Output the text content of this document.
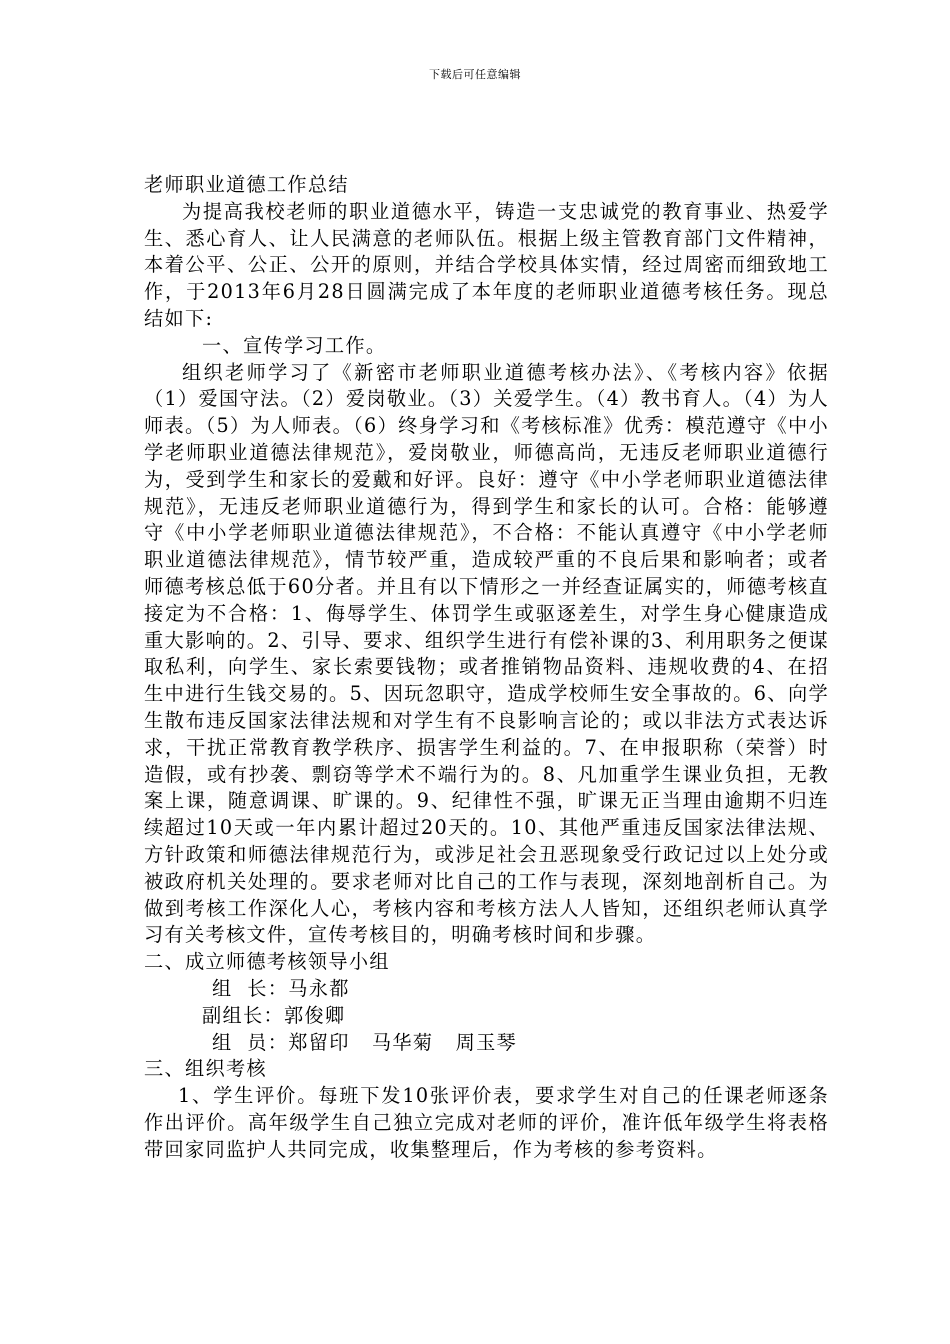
下载后可任意编辑

老师职业道德工作总结

为提高我校老师的职业道德水平，铸造一支忠诚党的教育事业、热爱学生、悉心育人、让人民满意的老师队伍。根据上级主管教育部门文件精神，本着公平、公正、公开的原则，并结合学校具体实情，经过周密而细致地工作，于2013年6月28日圆满完成了本年度的老师职业道德考核任务。现总结如下:

一、宣传学习工作。

组织老师学习了《新密市老师职业道德考核办法》、《考核内容》依据（1）爱国守法。（2）爱岗敬业。（3）关爱学生。（4）教书育人。（4）为人师表。（5）为人师表。（6）终身学习和《考核标准》优秀：模范遵守《中小学老师职业道德法律规范》，爱岗敬业，师德高尚，无违反老师职业道德行为，受到学生和家长的爱戴和好评。良好：遵守《中小学老师职业道德法律规范》，无违反老师职业道德行为，得到学生和家长的认可。合格：能够遵守《中小学老师职业道德法律规范》，不合格：不能认真遵守《中小学老师职业道德法律规范》，情节较严重，造成较严重的不良后果和影响者；或者师德考核总低于60分者。并且有以下情形之一并经查证属实的，师德考核直接定为不合格：1、侮辱学生、体罚学生或驱逐差生，对学生身心健康造成重大影响的。2、引导、要求、组织学生进行有偿补课的3、利用职务之便谋取私利，向学生、家长索要钱物；或者推销物品资料、违规收费的4、在招生中进行生钱交易的。5、因玩忽职守，造成学校师生安全事故的。6、向学生散布违反国家法律法规和对学生有不良影响言论的；或以非法方式表达诉求，干扰正常教育教学秩序、损害学生利益的。7、在申报职称（荣誉）时造假，或有抄袭、剽窃等学术不端行为的。8、凡加重学生课业负担，无教案上课，随意调课、旷课的。9、纪律性不强，旷课无正当理由逾期不归连续超过10天或一年内累计超过20天的。10、其他严重违反国家法律法规、方针政策和师德法律规范行为，或涉足社会丑恶现象受行政记过以上处分或被政府机关处理的。要求老师对比自己的工作与表现，深刻地剖析自己。为做到考核工作深化人心，考核内容和考核方法人人皆知，还组织老师认真学习有关考核文件，宣传考核目的，明确考核时间和步骤。

二、成立师德考核领导小组

组  长：马永都

副组长：郭俊卿

组  员：郑留印   马华菊   周玉琴

三、组织考核

1、学生评价。每班下发10张评价表，要求学生对自己的任课老师逐条作出评价。高年级学生自己独立完成对老师的评价，准许低年级学生将表格带回家同监护人共同完成，收集整理后，作为考核的参考资料。
